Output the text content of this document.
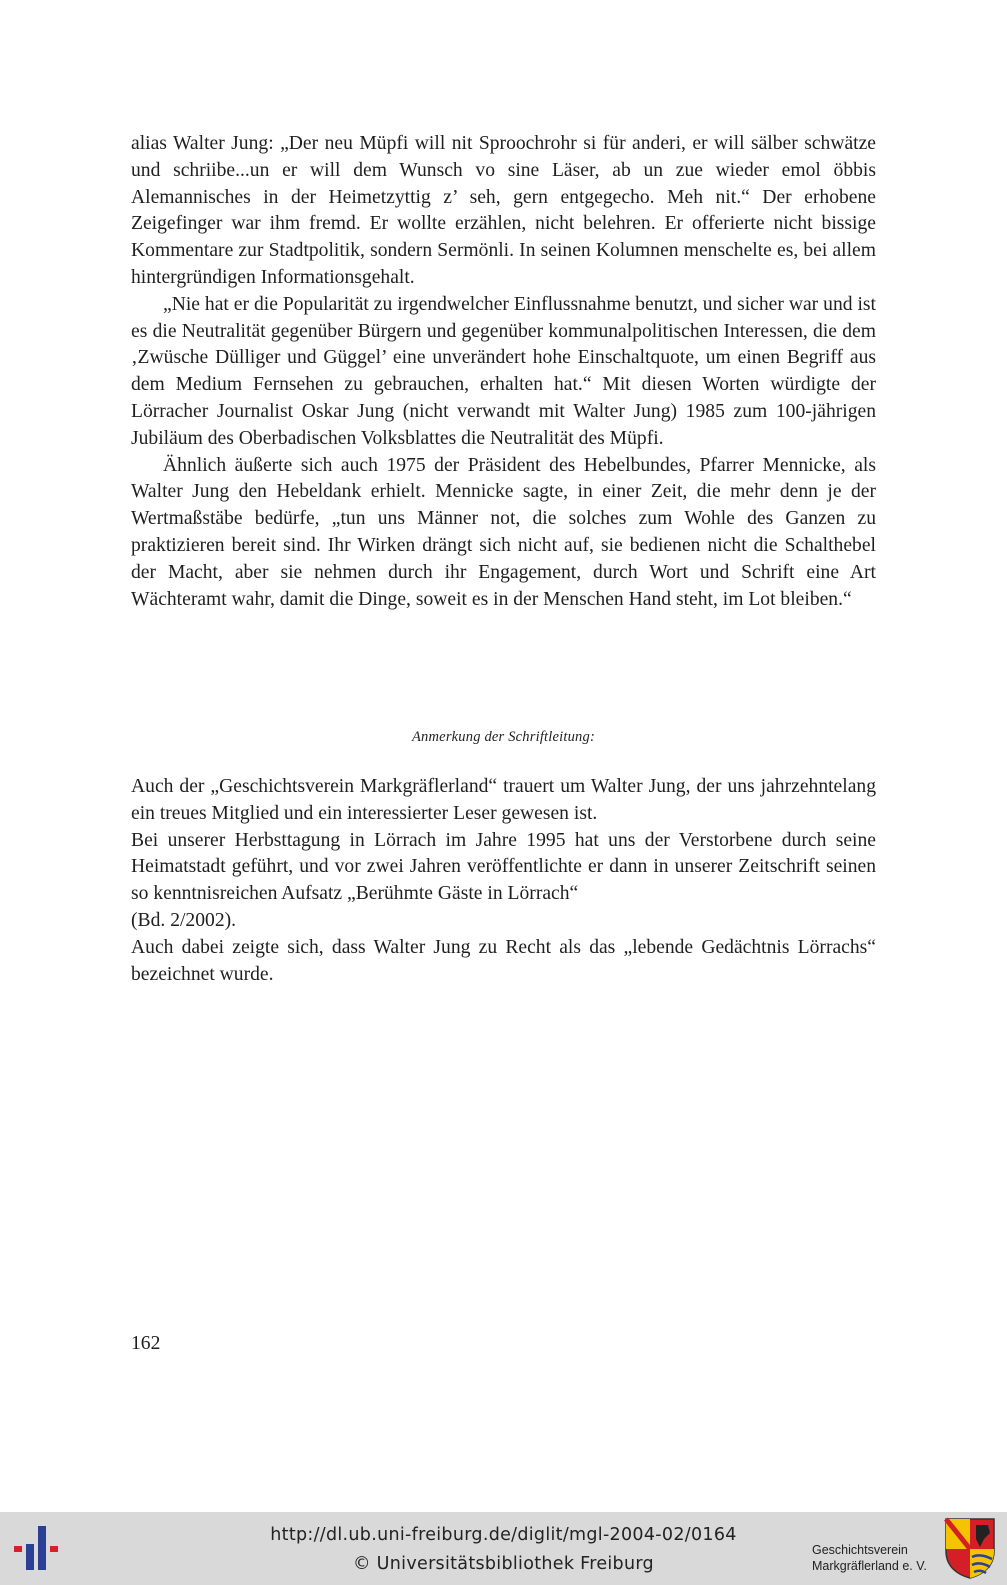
alias Walter Jung: „Der neu Müpfi will nit Sproochrohr si für anderi, er will sälber schwätze und schriibe...un er will dem Wunsch vo sine Läser, ab un zue wieder emol öbbis Alemannisches in der Heimetzyttig z’ seh, gern entgegecho. Meh nit.“ Der erhobene Zeigefinger war ihm fremd. Er wollte erzählen, nicht belehren. Er offerierte nicht bissige Kommentare zur Stadtpolitik, sondern Sermönli. In seinen Kolumnen menschelte es, bei allem hintergründigen Informationsgehalt.

„Nie hat er die Popularität zu irgendwelcher Einflussnahme benutzt, und sicher war und ist es die Neutralität gegenüber Bürgern und gegenüber kommunalpolitischen Interessen, die dem ‚Zwüsche Dülliger und Güggel’ eine unverändert hohe Einschaltquote, um einen Begriff aus dem Medium Fernsehen zu gebrauchen, erhalten hat.“ Mit diesen Worten würdigte der Lörracher Journalist Oskar Jung (nicht verwandt mit Walter Jung) 1985 zum 100-jährigen Jubiläum des Oberbadischen Volksblattes die Neutralität des Müpfi.

Ähnlich äußerte sich auch 1975 der Präsident des Hebelbundes, Pfarrer Mennicke, als Walter Jung den Hebeldank erhielt. Mennicke sagte, in einer Zeit, die mehr denn je der Wertmaßstäbe bedürfe, „tun uns Männer not, die solches zum Wohle des Ganzen zu praktizieren bereit sind. Ihr Wirken drängt sich nicht auf, sie bedienen nicht die Schalthebel der Macht, aber sie nehmen durch ihr Engagement, durch Wort und Schrift eine Art Wächteramt wahr, damit die Dinge, soweit es in der Menschen Hand steht, im Lot bleiben.“

Anmerkung der Schriftleitung:

Auch der „Geschichtsverein Markgräflerland“ trauert um Walter Jung, der uns jahrzehntelang ein treues Mitglied und ein interessierter Leser gewesen ist.

Bei unserer Herbsttagung in Lörrach im Jahre 1995 hat uns der Verstorbene durch seine Heimatstadt geführt, und vor zwei Jahren veröffentlichte er dann in unserer Zeitschrift seinen so kenntnisreichen Aufsatz „Berühmte Gäste in Lörrach“

(Bd. 2/2002).

Auch dabei zeigte sich, dass Walter Jung zu Recht als das „lebende Gedächtnis Lörrachs“ bezeichnet wurde.

162
http://dl.ub.uni-freiburg.de/diglit/mgl-2004-02/0164
© Universitätsbibliothek Freiburg
Geschichtsverein
Markgräflerland e. V.
